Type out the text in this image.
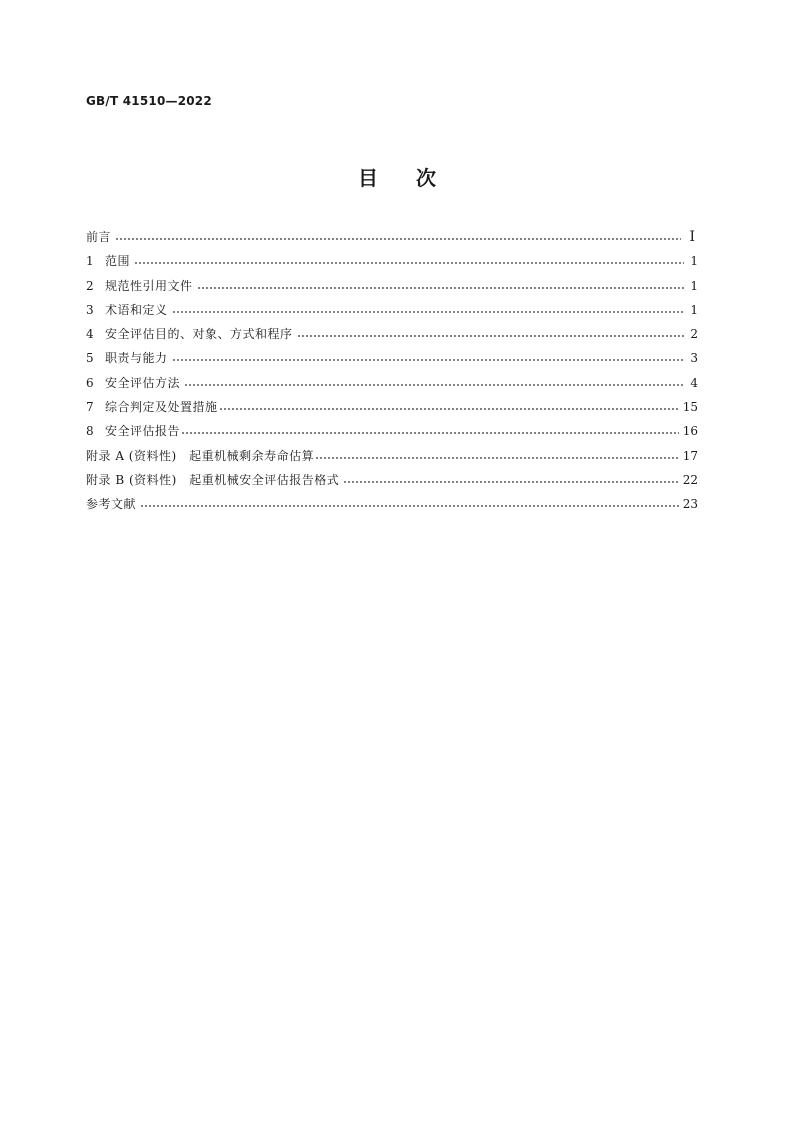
GB/T 41510—2022
目 次
前言	I
1 范围	1
2 规范性引用文件	1
3 术语和定义	1
4 安全评估目的、对象、方式和程序	2
5 职责与能力	3
6 安全评估方法	4
7 综合判定及处置措施	15
8 安全评估报告	16
附录 A (资料性)　起重机械剩余寿命估算	17
附录 B (资料性)　起重机械安全评估报告格式	22
参考文献	23
